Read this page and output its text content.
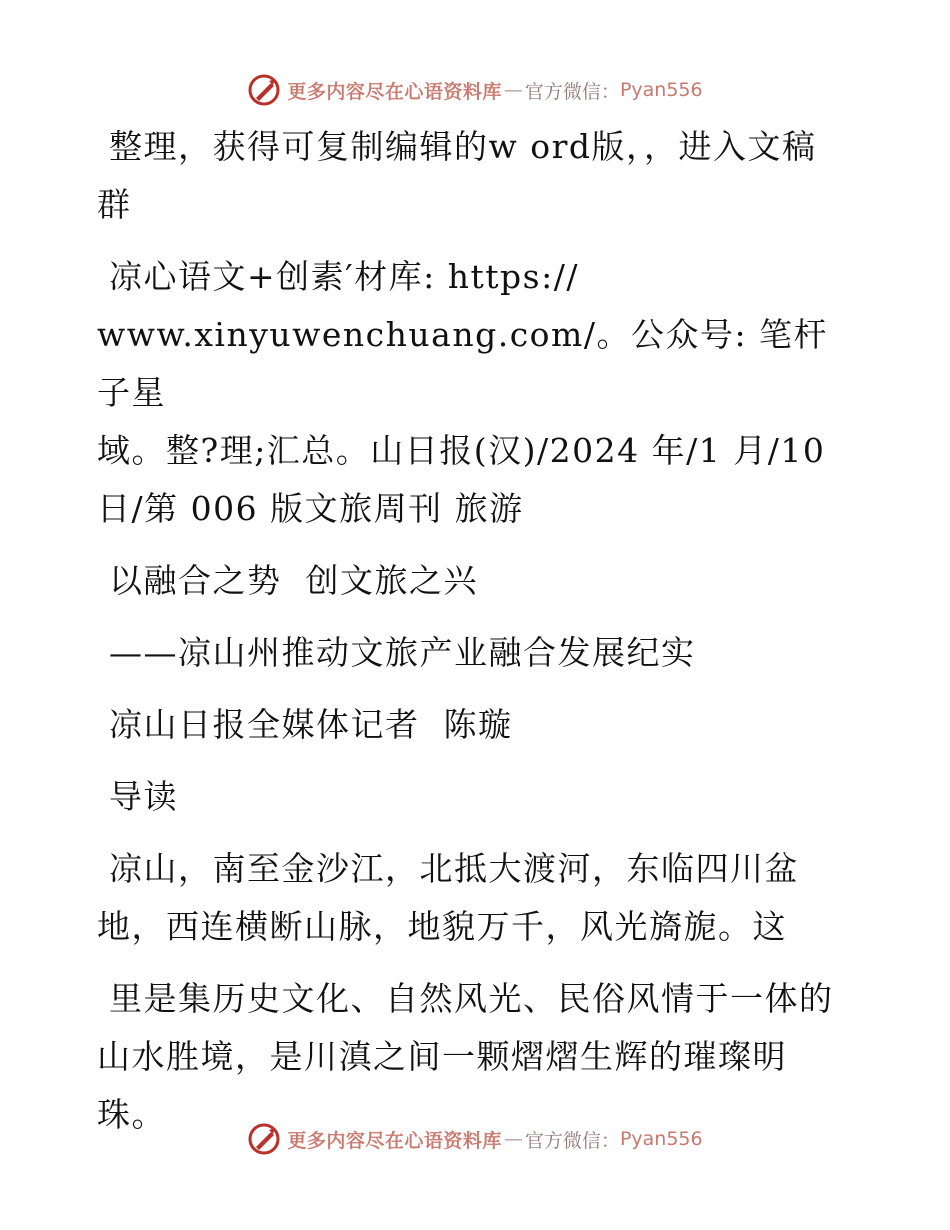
更多内容尽在心语资料库 — 官方微信： Pyan556

整理，获得可复制编辑的w ord版，，进入文稿
群

凉心语文+创素′材库: https://
www.xinyuwenchuang.com/。公众号: 笔杆子星
域。整?理;汇总。山日报(汉)/2024 年/1 月/10
日/第 006 版文旅周刊 旅游

以融合之势  创文旅之兴

——凉山州推动文旅产业融合发展纪实

凉山日报全媒体记者  陈璇

导读

凉山，南至金沙江，北抵大渡河，东临四川盆
地，西连横断山脉，地貌万千，风光旖旎。这

里是集历史文化、自然风光、民俗风情于一体的
山水胜境，是川滇之间一颗熠熠生辉的璀璨明珠。

更多内容尽在心语资料库 — 官方微信： Pyan556
